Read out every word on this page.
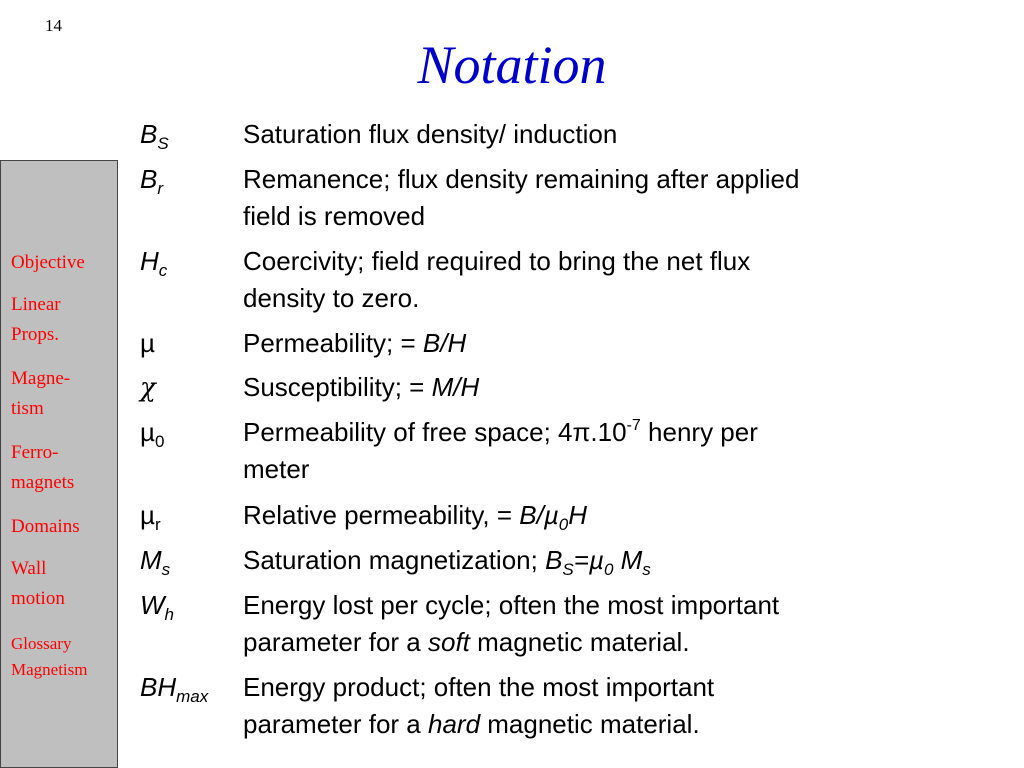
14
Notation
Objective
Linear
Props.
Magne-
tism
Ferro-
magnets
Domains
Wall
motion
Glossary
Magnetism
$B_S$	Saturation flux density/ induction
$B_r$	Remanence; flux density remaining after applied
field is removed
$H_c$	Coercivity; field required to bring the net flux
density to zero.
µ	Permeability; = B/H
χ	Susceptibility; = M/H
µ$_0$	Permeability of free space; $4\pi.10^{-7}$ henry per
meter
µ$_r$	Relative permeability, = B/µ$_0$H
$M_s$	Saturation magnetization; $B_S=\mu_0$ $M_s$
$W_h$	Energy lost per cycle; often the most important
parameter for a soft magnetic material.
$BH_{max}$	Energy product; often the most important
parameter for a hard magnetic material.
